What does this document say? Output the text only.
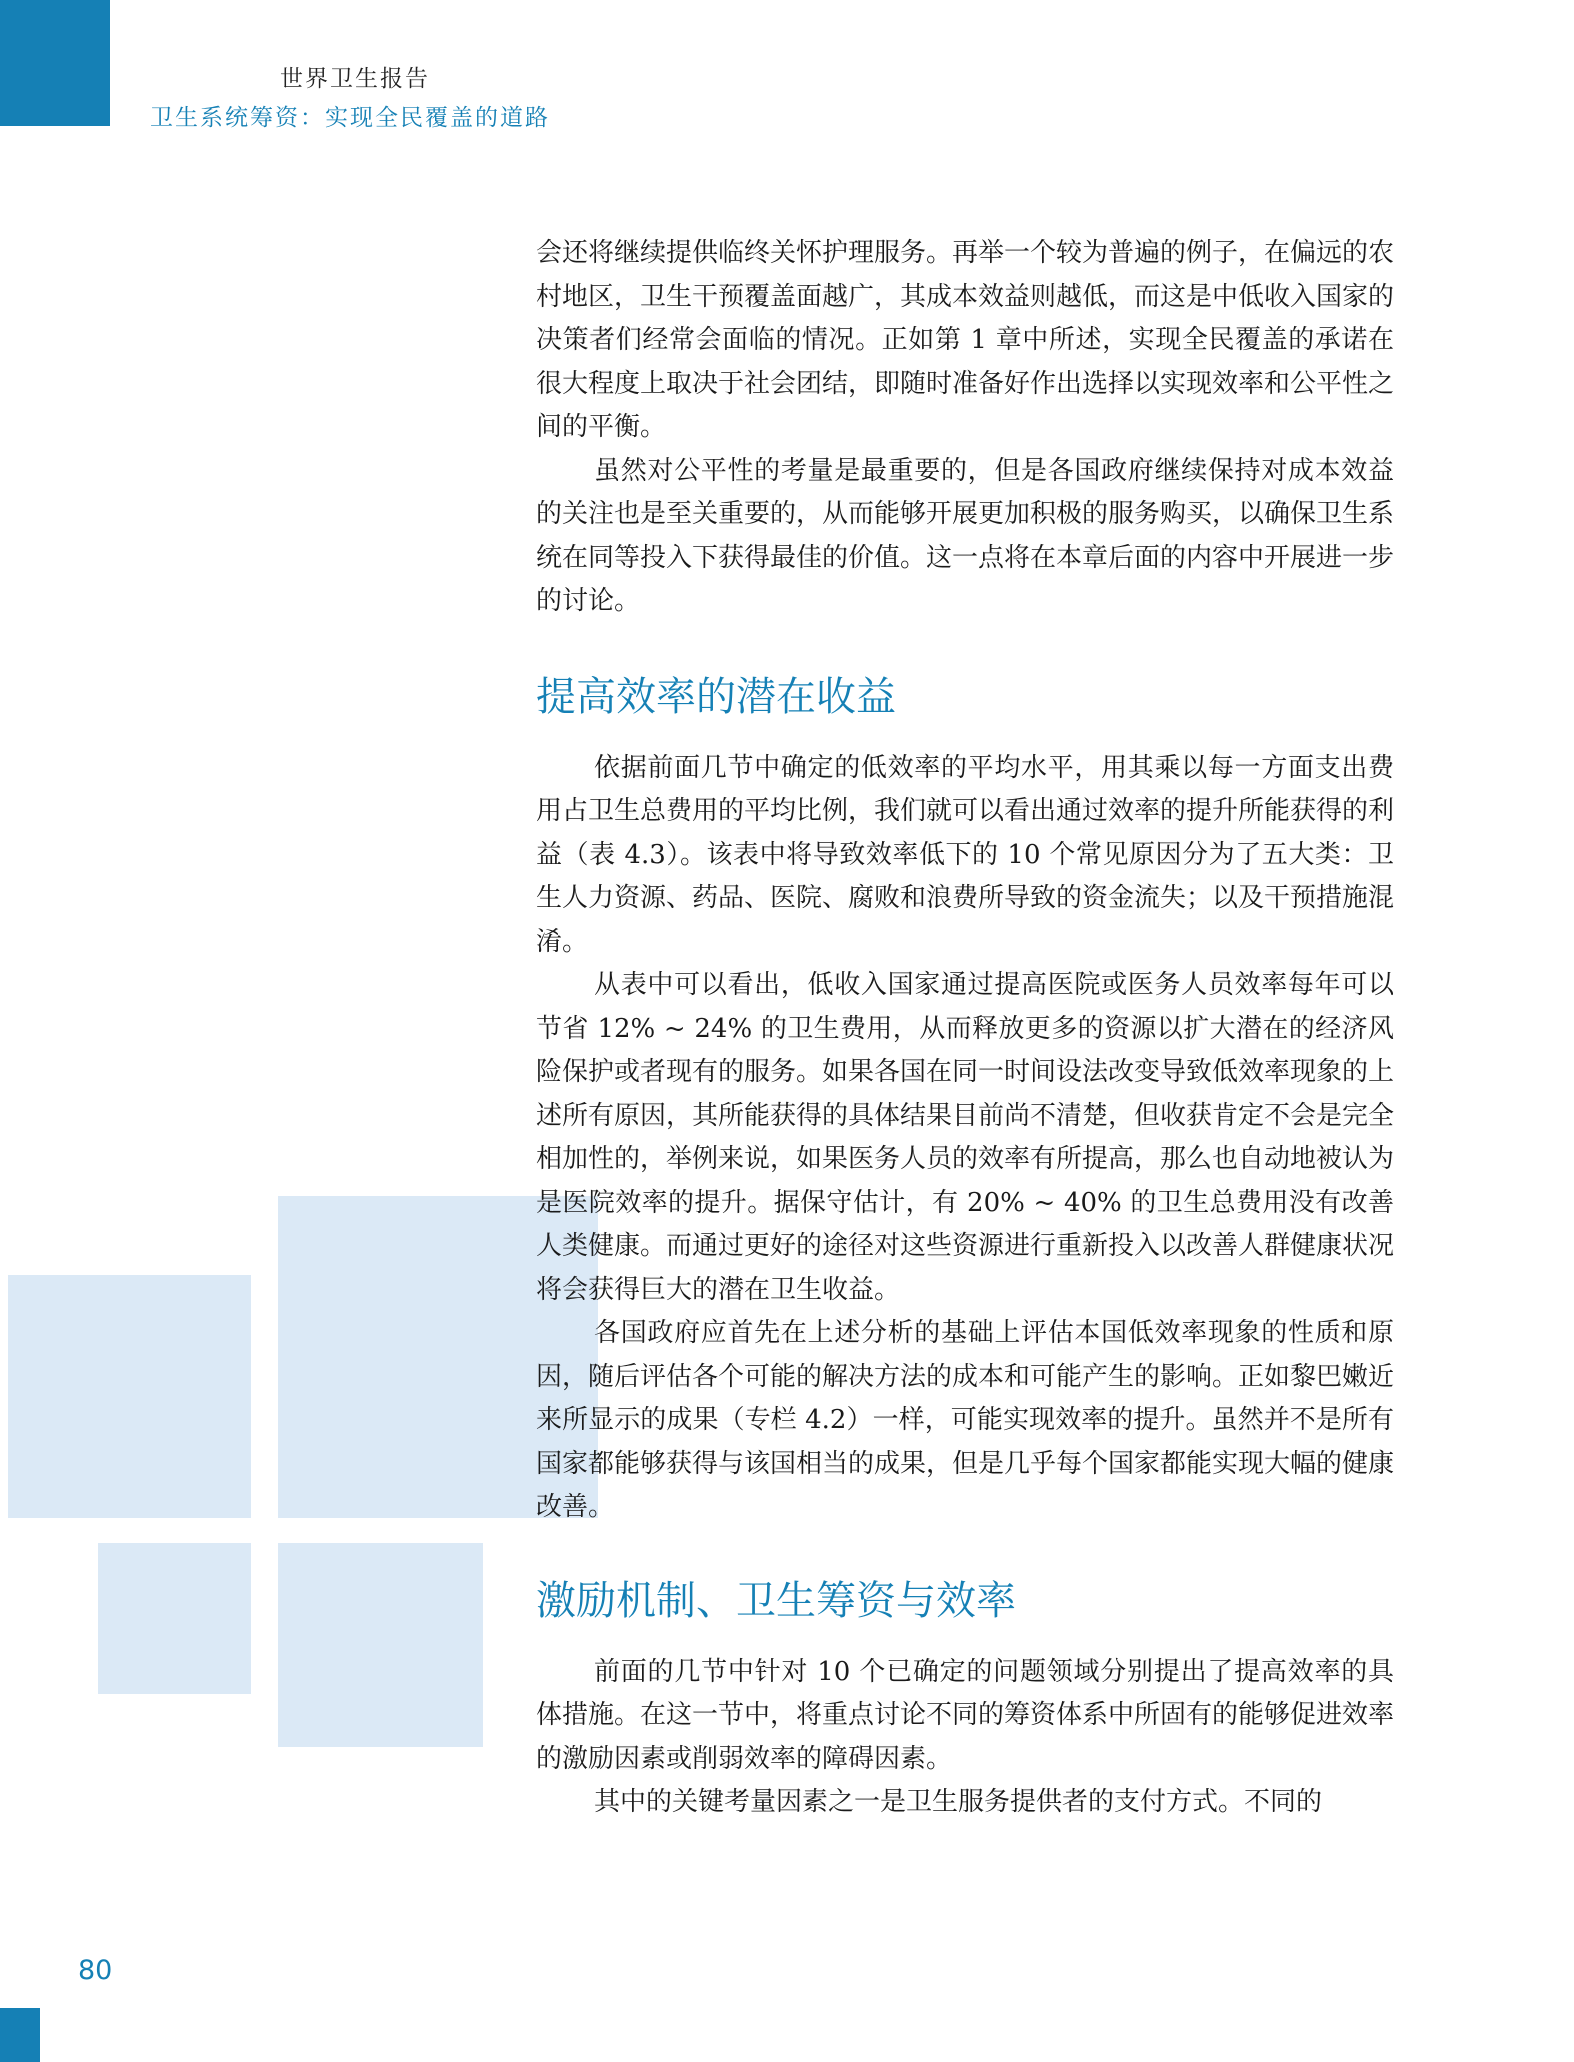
世界卫生报告
卫生系统筹资：实现全民覆盖的道路

会还将继续提供临终关怀护理服务。再举一个较为普遍的例子，在偏远的农村地区，卫生干预覆盖面越广，其成本效益则越低，而这是中低收入国家的决策者们经常会面临的情况。正如第 1 章中所述，实现全民覆盖的承诺在很大程度上取决于社会团结，即随时准备好作出选择以实现效率和公平性之间的平衡。

虽然对公平性的考量是最重要的，但是各国政府继续保持对成本效益的关注也是至关重要的，从而能够开展更加积极的服务购买，以确保卫生系统在同等投入下获得最佳的价值。这一点将在本章后面的内容中开展进一步的讨论。

提高效率的潜在收益

依据前面几节中确定的低效率的平均水平，用其乘以每一方面支出费用占卫生总费用的平均比例，我们就可以看出通过效率的提升所能获得的利益（表 4.3）。该表中将导致效率低下的 10 个常见原因分为了五大类：卫生人力资源、药品、医院、腐败和浪费所导致的资金流失；以及干预措施混淆。

从表中可以看出，低收入国家通过提高医院或医务人员效率每年可以节省 12% ~ 24% 的卫生费用，从而释放更多的资源以扩大潜在的经济风险保护或者现有的服务。如果各国在同一时间设法改变导致低效率现象的上述所有原因，其所能获得的具体结果目前尚不清楚，但收获肯定不会是完全相加性的，举例来说，如果医务人员的效率有所提高，那么也自动地被认为是医院效率的提升。据保守估计，有 20% ~ 40% 的卫生总费用没有改善人类健康。而通过更好的途径对这些资源进行重新投入以改善人群健康状况将会获得巨大的潜在卫生收益。

各国政府应首先在上述分析的基础上评估本国低效率现象的性质和原因，随后评估各个可能的解决方法的成本和可能产生的影响。正如黎巴嫩近来所显示的成果（专栏 4.2）一样，可能实现效率的提升。虽然并不是所有国家都能够获得与该国相当的成果，但是几乎每个国家都能实现大幅的健康改善。

激励机制、卫生筹资与效率

前面的几节中针对 10 个已确定的问题领域分别提出了提高效率的具体措施。在这一节中，将重点讨论不同的筹资体系中所固有的能够促进效率的激励因素或削弱效率的障碍因素。

其中的关键考量因素之一是卫生服务提供者的支付方式。不同的

80
